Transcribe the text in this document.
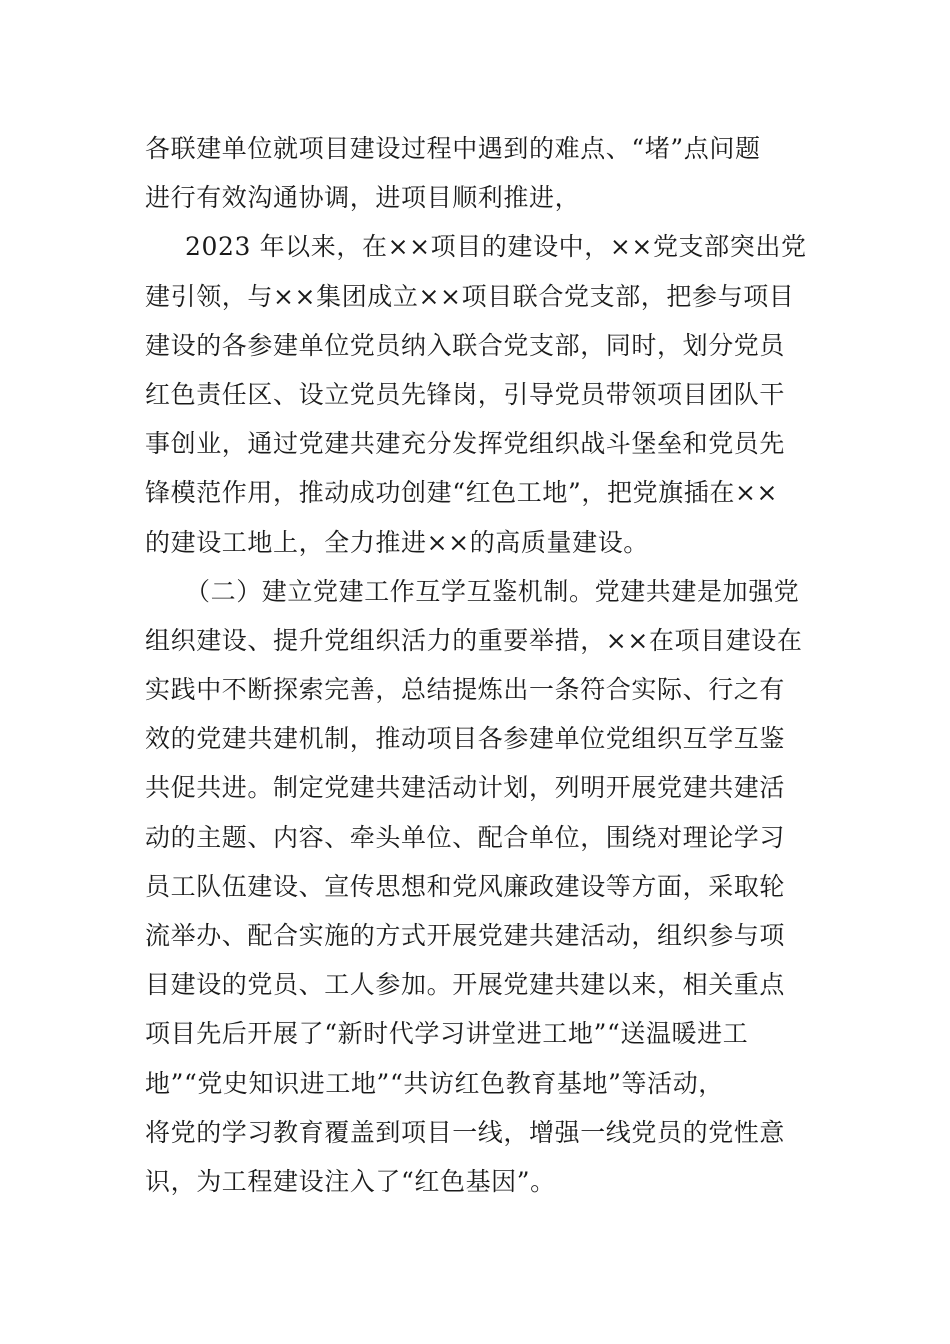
各联建单位就项目建设过程中遇到的难点、“堵”点问题
进行有效沟通协调，进项目顺利推进，
2023 年以来，在××项目的建设中，××党支部突出党
建引领，与××集团成立××项目联合党支部，把参与项目
建设的各参建单位党员纳入联合党支部，同时，划分党员
红色责任区、设立党员先锋岗，引导党员带领项目团队干
事创业，通过党建共建充分发挥党组织战斗堡垒和党员先
锋模范作用，推动成功创建“红色工地”，把党旗插在××
的建设工地上，全力推进××的高质量建设。
（二）建立党建工作互学互鉴机制。党建共建是加强党
组织建设、提升党组织活力的重要举措，××在项目建设在
实践中不断探索完善，总结提炼出一条符合实际、行之有
效的党建共建机制，推动项目各参建单位党组织互学互鉴
共促共进。制定党建共建活动计划，列明开展党建共建活
动的主题、内容、牵头单位、配合单位，围绕对理论学习
员工队伍建设、宣传思想和党风廉政建设等方面，采取轮
流举办、配合实施的方式开展党建共建活动，组织参与项
目建设的党员、工人参加。开展党建共建以来，相关重点
项目先后开展了“新时代学习讲堂进工地”“送温暖进工
地”“党史知识进工地”“共访红色教育基地”等活动，
将党的学习教育覆盖到项目一线，增强一线党员的党性意
识，为工程建设注入了“红色基因”。
